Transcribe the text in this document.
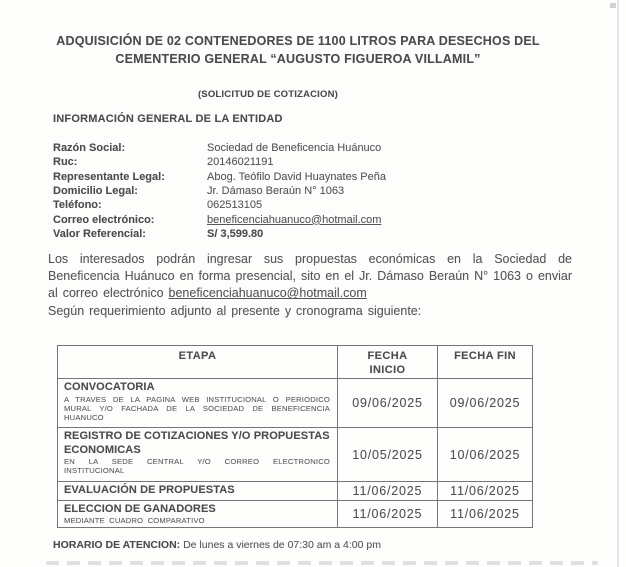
ADQUISICIÓN DE 02 CONTENEDORES DE 1100 LITROS PARA DESECHOS DEL
CEMENTERIO GENERAL “AUGUSTO FIGUEROA VILLAMIL”
(SOLICITUD DE COTIZACION)
INFORMACIÓN GENERAL DE LA ENTIDAD
Razón Social:	Sociedad de Beneficencia Huánuco
Ruc:	20146021191
Representante Legal:	Abog. Teófilo David Huaynates Peña
Domicilio Legal:	Jr. Dámaso Beraún N° 1063
Teléfono:	062513105
Correo electrónico:	beneficenciahuanuco@hotmail.com
Valor Referencial:	S/ 3,599.80

Los interesados podrán ingresar sus propuestas económicas en la Sociedad de Beneficencia Huánuco en forma presencial, sito en el Jr. Dámaso Beraún N° 1063 o enviar al correo electrónico beneficenciahuanuco@hotmail.com

Según requerimiento adjunto al presente y cronograma siguiente:

ETAPA	FECHA INICIO	FECHA FIN

CONVOCATORIA
A TRAVES DE LA PAGINA WEB INSTITUCIONAL O PERIODICO MURAL Y/O FACHADA DE LA SOCIEDAD DE BENEFICENCIA HUANUCO	09/06/2025	09/06/2025

REGISTRO DE COTIZACIONES Y/O PROPUESTAS ECONOMICAS
EN LA SEDE CENTRAL Y/O CORREO ELECTRONICO INSTITUCIONAL	10/05/2025	10/06/2025

EVALUACIÓN DE PROPUESTAS	11/06/2025	11/06/2025

ELECCION DE GANADORES
MEDIANTE CUADRO COMPARATIVO	11/06/2025	11/06/2025
HORARIO DE ATENCION: De lunes a viernes de 07:30 am a 4:00 pm
